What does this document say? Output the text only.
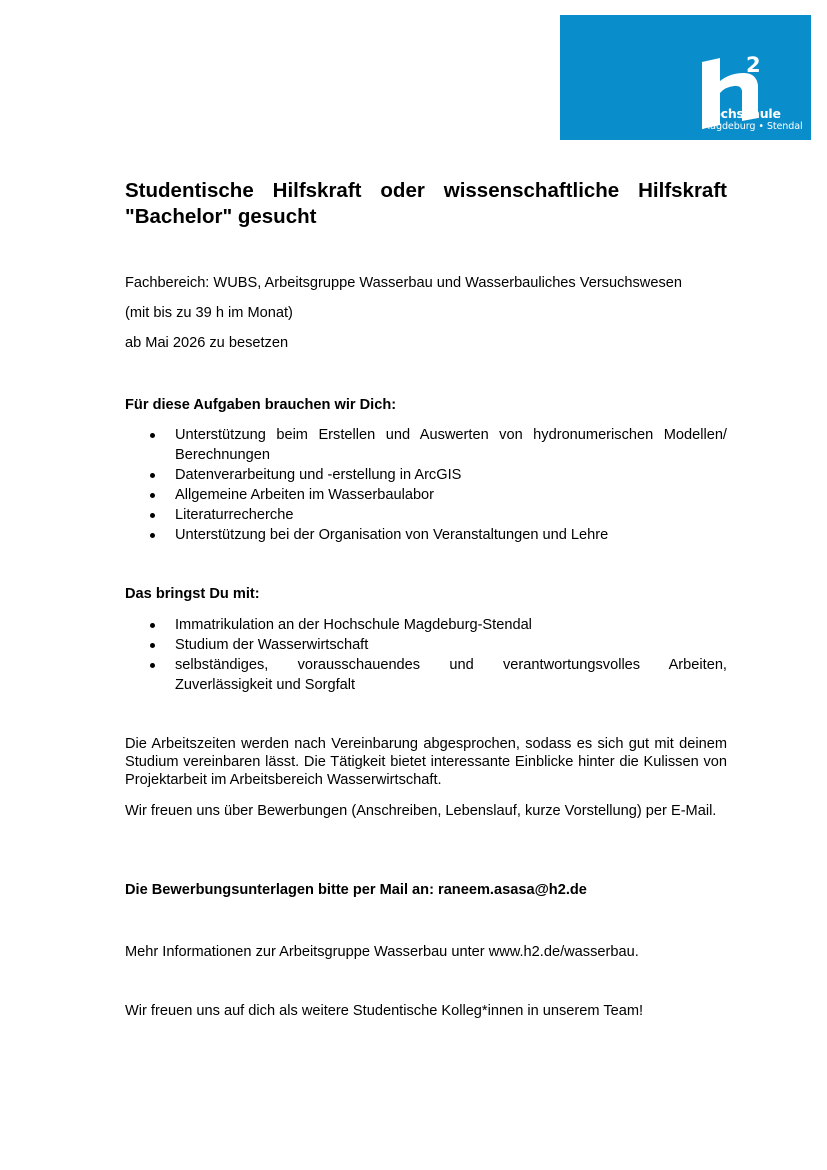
2
Hochschule
Magdeburg • Stendal
Studentische Hilfskraft oder wissenschaftliche Hilfskraft "Bachelor" gesucht

Fachbereich: WUBS, Arbeitsgruppe Wasserbau und Wasserbauliches Versuchswesen

(mit bis zu 39 h im Monat)

ab Mai 2026 zu besetzen

Für diese Aufgaben brauchen wir Dich:

Unterstützung beim Erstellen und Auswerten von hydronumerischen Modellen/ Berechnungen
Datenverarbeitung und -erstellung in ArcGIS
Allgemeine Arbeiten im Wasserbaulabor
Literaturrecherche
Unterstützung bei der Organisation von Veranstaltungen und Lehre

Das bringst Du mit:

Immatrikulation an der Hochschule Magdeburg-Stendal
Studium der Wasserwirtschaft
selbständiges, vorausschauendes und verantwortungsvolles Arbeiten, Zuverlässigkeit und Sorgfalt

Die Arbeitszeiten werden nach Vereinbarung abgesprochen, sodass es sich gut mit deinem Studium vereinbaren lässt. Die Tätigkeit bietet interessante Einblicke hinter die Kulissen von Projektarbeit im Arbeitsbereich Wasserwirtschaft.

Wir freuen uns über Bewerbungen (Anschreiben, Lebenslauf, kurze Vorstellung) per E-Mail.

Die Bewerbungsunterlagen bitte per Mail an: raneem.asasa@h2.de

Mehr Informationen zur Arbeitsgruppe Wasserbau unter www.h2.de/wasserbau.

Wir freuen uns auf dich als weitere Studentische Kolleg*innen in unserem Team!
